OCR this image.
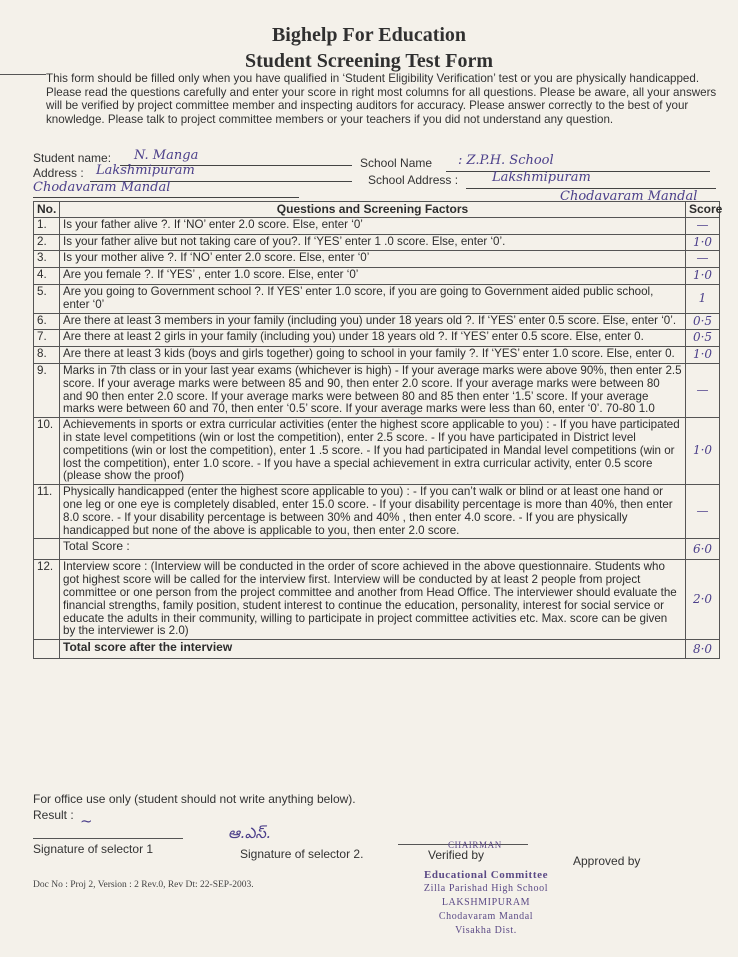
Bighelp For Education
Student Screening Test Form
This form should be filled only when you have qualified in ‘Student Eligibility Verification’ test or you are physically handicapped. Please read the questions carefully and enter your score in right most columns for all questions. Please be aware, all your answers will be verified by project committee member and inspecting auditors for accuracy. Please answer correctly to the best of your knowledge. Please talk to project committee members or your teachers if you did not understand any question.
Student name: N. Manga	School Name : Z.P.H. School
Address : Lakshmipuram
Chodavaram Mandal	School Address :	Lakshmipuram
Chodavaram Mandal
No.	Questions and Screening Factors	Score
1.	Is your father alive ?. If ‘NO’ enter 2.0 score. Else, enter ‘0’	—
2.	Is your father alive but not taking care of you?. If ‘YES’ enter 1 .0 score. Else, enter ‘0’.	1·0
3.	Is your mother alive ?. If ‘NO’ enter 2.0 score. Else, enter ‘0’	—
4.	Are you female ?. If ‘YES’ , enter 1.0 score. Else, enter ‘0’	1·0
5.	Are you going to Government school ?. If YES’ enter 1.0 score, if you are going to Government aided public school, enter ‘0’	1
6.	Are there at least 3 members in your family (including you) under 18 years old ?. If ‘YES’ enter 0.5 score. Else, enter ‘0’.	0·5
7.	Are there at least 2 girls in your family (including you) under 18 years old ?. If ‘YES’ enter 0.5 score. Else, enter 0.	0·5
8.	Are there at least 3 kids (boys and girls together) going to school in your family ?. If ‘YES’ enter 1.0 score. Else, enter 0.	1·0
9.	Marks in 7th class or in your last year exams (whichever is high) - If your average marks were above 90%, then enter 2.5 score. If your average marks were between 85 and 90, then enter 2.0 score. If your average marks were between 80 and 90 then enter 2.0 score. If your average marks were between 80 and 85 then enter ‘1.5’ score. If your average marks were between 60 and 70, then enter ‘0.5’ score. If your average marks were less than 60, enter ‘0’. 70-80 1.0	—
10.	Achievements in sports or extra curricular activities (enter the highest score applicable to you) : - If you have participated in state level competitions (win or lost the competition), enter 2.5 score. - If you have participated in District level competitions (win or lost the competition), enter 1 .5 score. - If you had participated in Mandal level competitions (win or lost the competition), enter 1.0 score. - If you have a special achievement in extra curricular activity, enter 0.5 score (please show the proof)	1·0
11.	Physically handicapped (enter the highest score applicable to you) : - If you can’t walk or blind or at least one hand or one leg or one eye is completely disabled, enter 15.0 score. - If your disability percentage is more than 40%, then enter 8.0 score. - If your disability percentage is between 30% and 40% , then enter 4.0 score. - If you are physically handicapped but none of the above is applicable to you, then enter 2.0 score.	—
	Total Score :	6·0
12.	Interview score : (Interview will be conducted in the order of score achieved in the above questionnaire. Students who got highest score will be called for the interview first. Interview will be conducted by at least 2 people from project committee or one person from the project committee and another from Head Office. The interviewer should evaluate the financial strengths, family position, student interest to continue the education, personality, interest for social service or educate the adults in their community, willing to participate in project committee activities etc. Max. score can be given by the interviewer is 2.0)	2·0
	Total score after the interview	8·0
For office use only (student should not write anything below).
Result : ~
Signature of selector 1
ఆ.ఎస్.
Signature of selector 2.	Verified by	Approved by
Doc No : Proj 2, Version : 2 Rev.0, Rev Dt: 22-SEP-2003.
CHAIRMAN
Educational Committee
Zilla Parishad High School
LAKSHMIPURAM
Chodavaram Mandal
Visakha Dist.
